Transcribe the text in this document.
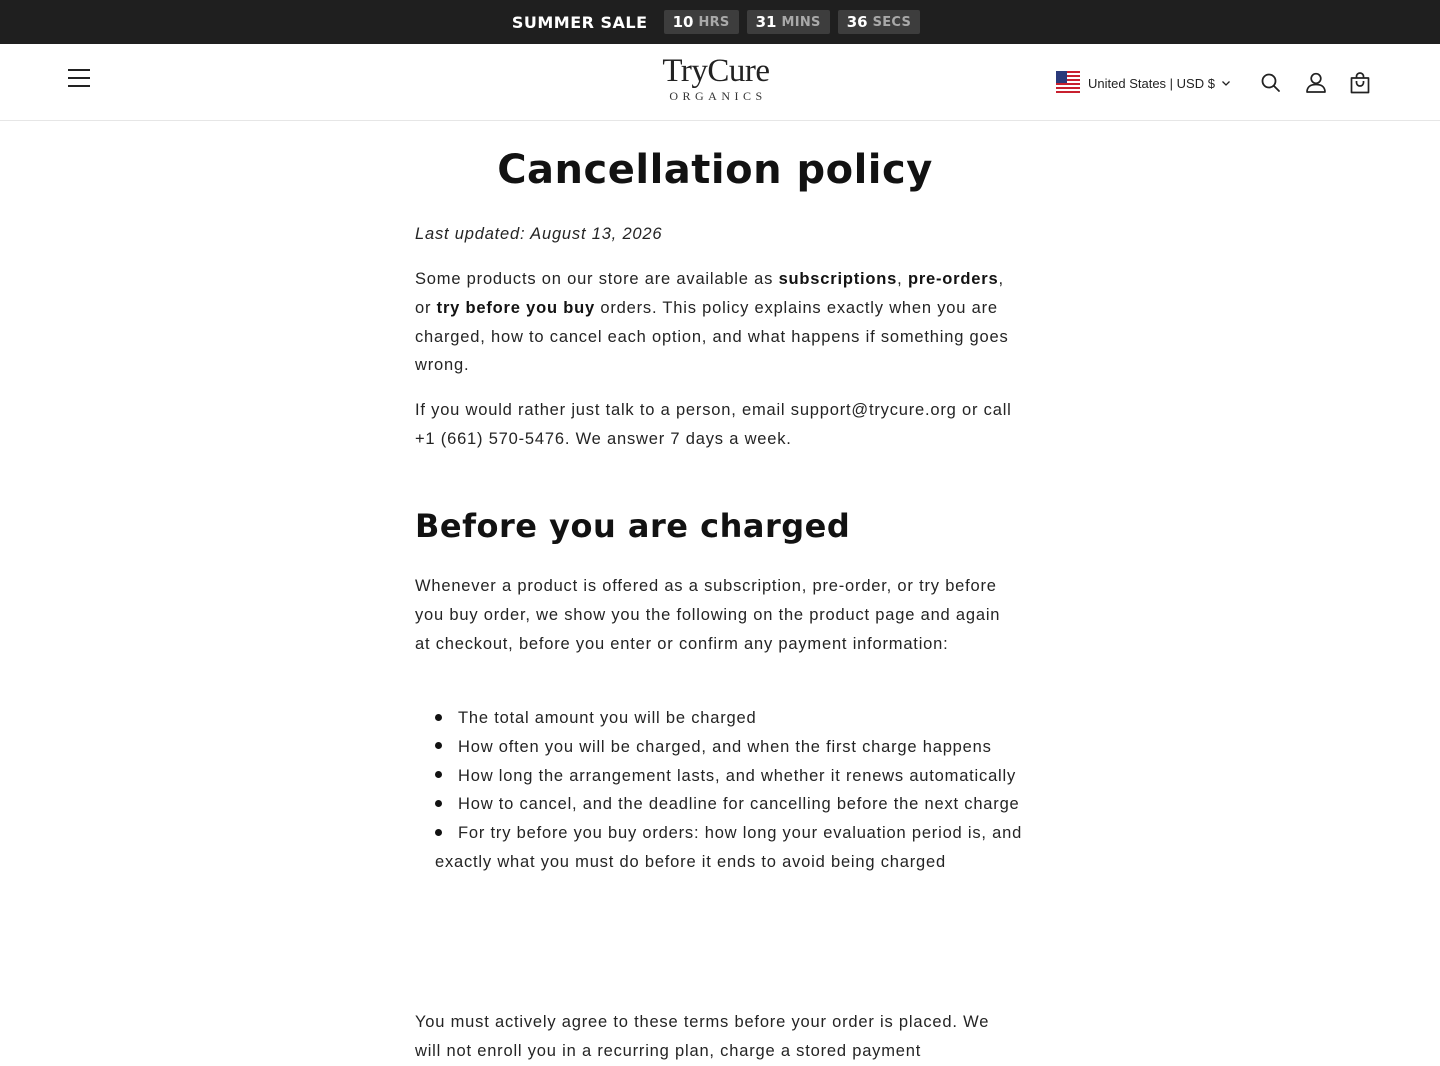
SUMMER SALE 10 HRS 31 MINS 36 SECS
TryCure
ORGANICS
United States | USD $
Cancellation policy

Last updated: August 13, 2026

Some products on our store are available as subscriptions, pre-orders, or try before you buy orders. This policy explains exactly when you are charged, how to cancel each option, and what happens if something goes wrong.

If you would rather just talk to a person, email support@trycure.org or call +1 (661) 570-5476. We answer 7 days a week.

Before you are charged

Whenever a product is offered as a subscription, pre-order, or try before you buy order, we show you the following on the product page and again at checkout, before you enter or confirm any payment information:

The total amount you will be charged
How often you will be charged, and when the first charge happens
How long the arrangement lasts, and whether it renews automatically
How to cancel, and the deadline for cancelling before the next charge
For try before you buy orders: how long your evaluation period is, and exactly what you must do before it ends to avoid being charged

You must actively agree to these terms before your order is placed. We will not enroll you in a recurring plan, charge a stored payment
